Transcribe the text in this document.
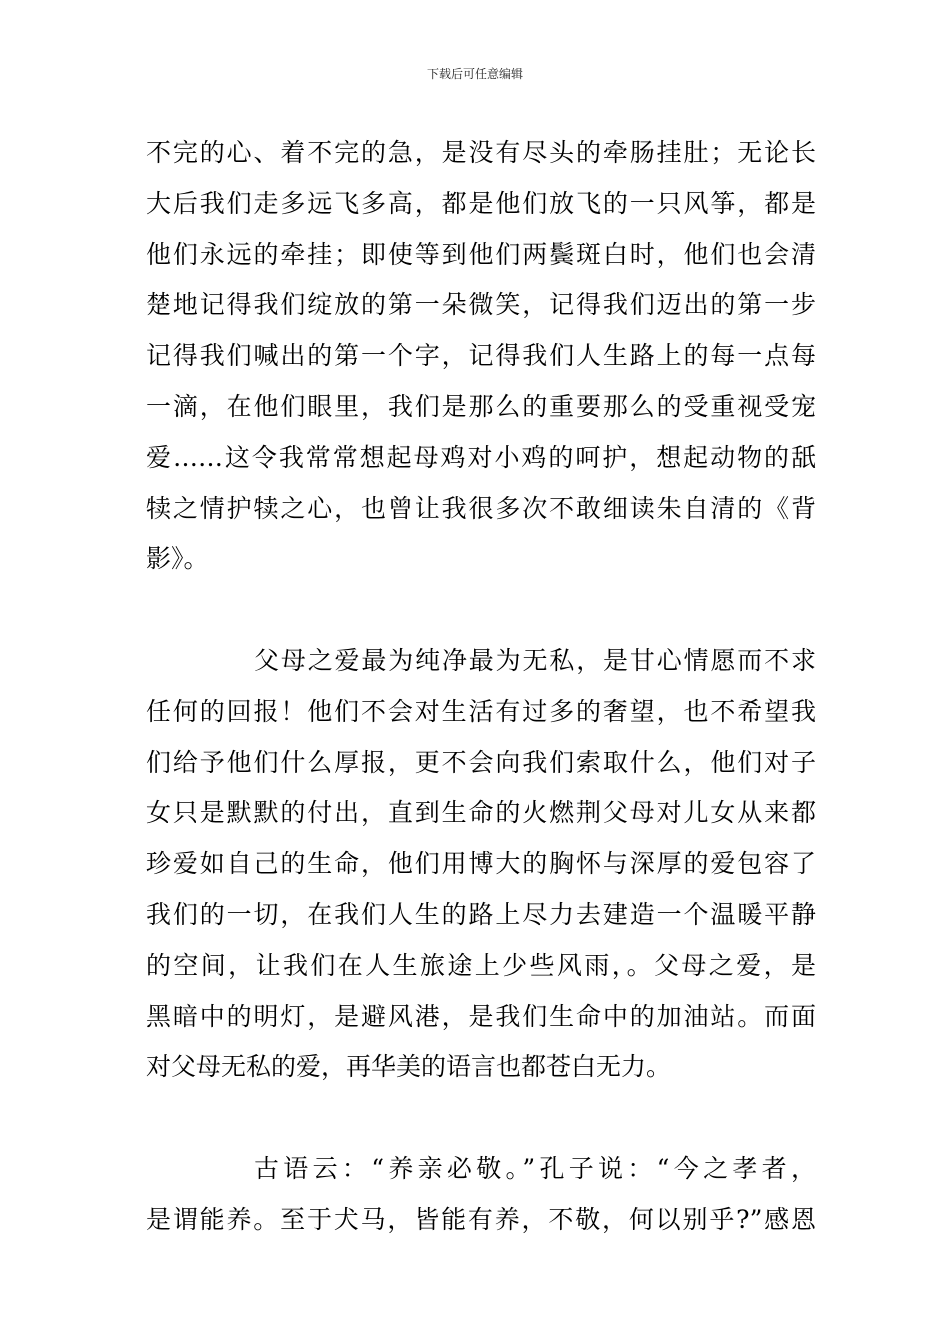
下载后可任意编辑
不完的心、着不完的急，是没有尽头的牵肠挂肚；无论长
大后我们走多远飞多高，都是他们放飞的一只风筝，都是
他们永远的牵挂；即使等到他们两鬓斑白时，他们也会清
楚地记得我们绽放的第一朵微笑，记得我们迈出的第一步
记得我们喊出的第一个字，记得我们人生路上的每一点每
一滴，在他们眼里，我们是那么的重要那么的受重视受宠
爱……这令我常常想起母鸡对小鸡的呵护，想起动物的舐
犊之情护犊之心，也曾让我很多次不敢细读朱自清的《背
影》。
父母之爱最为纯净最为无私，是甘心情愿而不求
任何的回报！他们不会对生活有过多的奢望，也不希望我
们给予他们什么厚报，更不会向我们索取什么，他们对子
女只是默默的付出，直到生命的火燃荆父母对儿女从来都
珍爱如自己的生命，他们用博大的胸怀与深厚的爱包容了
我们的一切，在我们人生的路上尽力去建造一个温暖平静
的空间，让我们在人生旅途上少些风雨，。父母之爱，是
黑暗中的明灯，是避风港，是我们生命中的加油站。而面
对父母无私的爱，再华美的语言也都苍白无力。
古语云：“养亲必敬。”孔子说：“今之孝者，
是谓能养。至于犬马，皆能有养，不敬，何以别乎?”感恩
